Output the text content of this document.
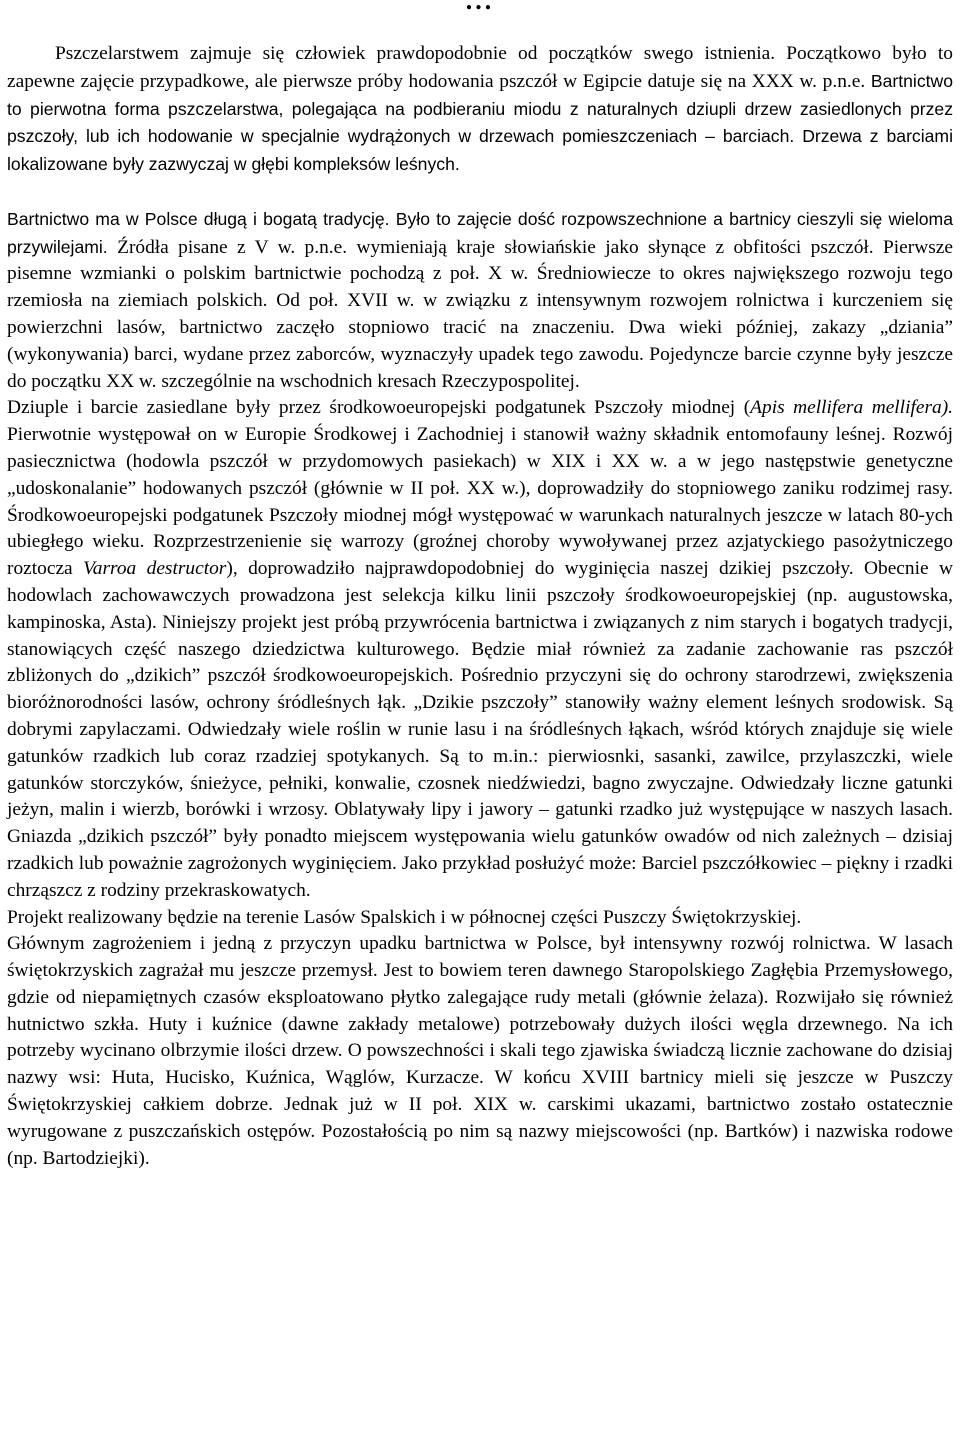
...

Pszczelarstwem zajmuje się człowiek prawdopodobnie od początków swego istnienia. Początkowo było to zapewne zajęcie przypadkowe, ale pierwsze próby hodowania pszczół w Egipcie datuje się na XXX w. p.n.e. Bartnictwo to pierwotna forma pszczelarstwa, polegająca na podbieraniu miodu z naturalnych dziupli drzew zasiedlonych przez pszczoły, lub ich hodowanie w specjalnie wydrążonych w drzewach pomieszczeniach – barciach. Drzewa z barciami lokalizowane były zazwyczaj w głębi kompleksów leśnych.

Bartnictwo ma w Polsce długą i bogatą tradycję. Było to zajęcie dość rozpowszechnione a bartnicy cieszyli się wieloma przywilejami. Źródła pisane z V w. p.n.e. wymieniają kraje słowiańskie jako słynące z obfitości pszczół. Pierwsze pisemne wzmianki o polskim bartnictwie pochodzą z poł. X w. Średniowiecze to okres największego rozwoju tego rzemiosła na ziemiach polskich. Od poł. XVII w. w związku z intensywnym rozwojem rolnictwa i kurczeniem się powierzchni lasów, bartnictwo zaczęło stopniowo tracić na znaczeniu. Dwa wieki później, zakazy „dziania” (wykonywania) barci, wydane przez zaborców, wyznaczyły upadek tego zawodu. Pojedyncze barcie czynne były jeszcze do początku XX w. szczególnie na wschodnich kresach Rzeczypospolitej.

Dziuple i barcie zasiedlane były przez środkowoeuropejski podgatunek Pszczoły miodnej (Apis mellifera mellifera). Pierwotnie występował on w Europie Środkowej i Zachodniej i stanowił ważny składnik entomofauny leśnej. Rozwój pasiecznictwa (hodowla pszczół w przydomowych pasiekach) w XIX i XX w. a w jego następstwie genetyczne „udoskonalanie” hodowanych pszczół (głównie w II poł. XX w.), doprowadziły do stopniowego zaniku rodzimej rasy. Środkowoeuropejski podgatunek Pszczoły miodnej mógł występować w warunkach naturalnych jeszcze w latach 80-ych ubiegłego wieku. Rozprzestrzenienie się warrozy (groźnej choroby wywoływanej przez azjatyckiego pasożytniczego roztocza Varroa destructor), doprowadziło najprawdopodobniej do wyginięcia naszej dzikiej pszczoły. Obecnie w hodowlach zachowawczych prowadzona jest selekcja kilku linii pszczoły środkowoeuropejskiej (np. augustowska, kampinoska, Asta). Niniejszy projekt jest próbą przywrócenia bartnictwa i związanych z nim starych i bogatych tradycji, stanowiących część naszego dziedzictwa kulturowego. Będzie miał również za zadanie zachowanie ras pszczół zbliżonych do „dzikich” pszczół środkowoeuropejskich. Pośrednio przyczyni się do ochrony starodrzewi, zwiększenia bioróżnorodności lasów, ochrony śródleśnych łąk. „Dzikie pszczoły” stanowiły ważny element leśnych srodowisk. Są dobrymi zapylaczami. Odwiedzały wiele roślin w runie lasu i na śródleśnych łąkach, wśród których znajduje się wiele gatunków rzadkich lub coraz rzadziej spotykanych. Są to m.in.: pierwiosnki, sasanki, zawilce, przylaszczki, wiele gatunków storczyków, śnieżyce, pełniki, konwalie, czosnek niedźwiedzi, bagno zwyczajne. Odwiedzały liczne gatunki jeżyn, malin i wierzb, borówki i wrzosy. Oblatywały lipy i jawory – gatunki rzadko już występujące w naszych lasach. Gniazda „dzikich pszczół” były ponadto miejscem występowania wielu gatunków owadów od nich zależnych – dzisiaj rzadkich lub poważnie zagrożonych wyginięciem. Jako przykład posłużyć może: Barciel pszczółkowiec – piękny i rzadki chrząszcz z rodziny przekraskowatych.

Projekt realizowany będzie na terenie Lasów Spalskich i w północnej części Puszczy Świętokrzyskiej.

Głównym zagrożeniem i jedną z przyczyn upadku bartnictwa w Polsce, był intensywny rozwój rolnictwa. W lasach świętokrzyskich zagrażał mu jeszcze przemysł. Jest to bowiem teren dawnego Staropolskiego Zagłębia Przemysłowego, gdzie od niepamiętnych czasów eksploatowano płytko zalegające rudy metali (głównie żelaza). Rozwijało się również hutnictwo szkła. Huty i kuźnice (dawne zakłady metalowe) potrzebowały dużych ilości węgla drzewnego. Na ich potrzeby wycinano olbrzymie ilości drzew. O powszechności i skali tego zjawiska świadczą licznie zachowane do dzisiaj nazwy wsi: Huta, Hucisko, Kuźnica, Wąglów, Kurzacze. W końcu XVIII bartnicy mieli się jeszcze w Puszczy Świętokrzyskiej całkiem dobrze. Jednak już w II poł. XIX w. carskimi ukazami, bartnictwo zostało ostatecznie wyrugowane z puszczańskich ostępów. Pozostałością po nim są nazwy miejscowości (np. Bartków) i nazwiska rodowe (np. Bartodziejki).
